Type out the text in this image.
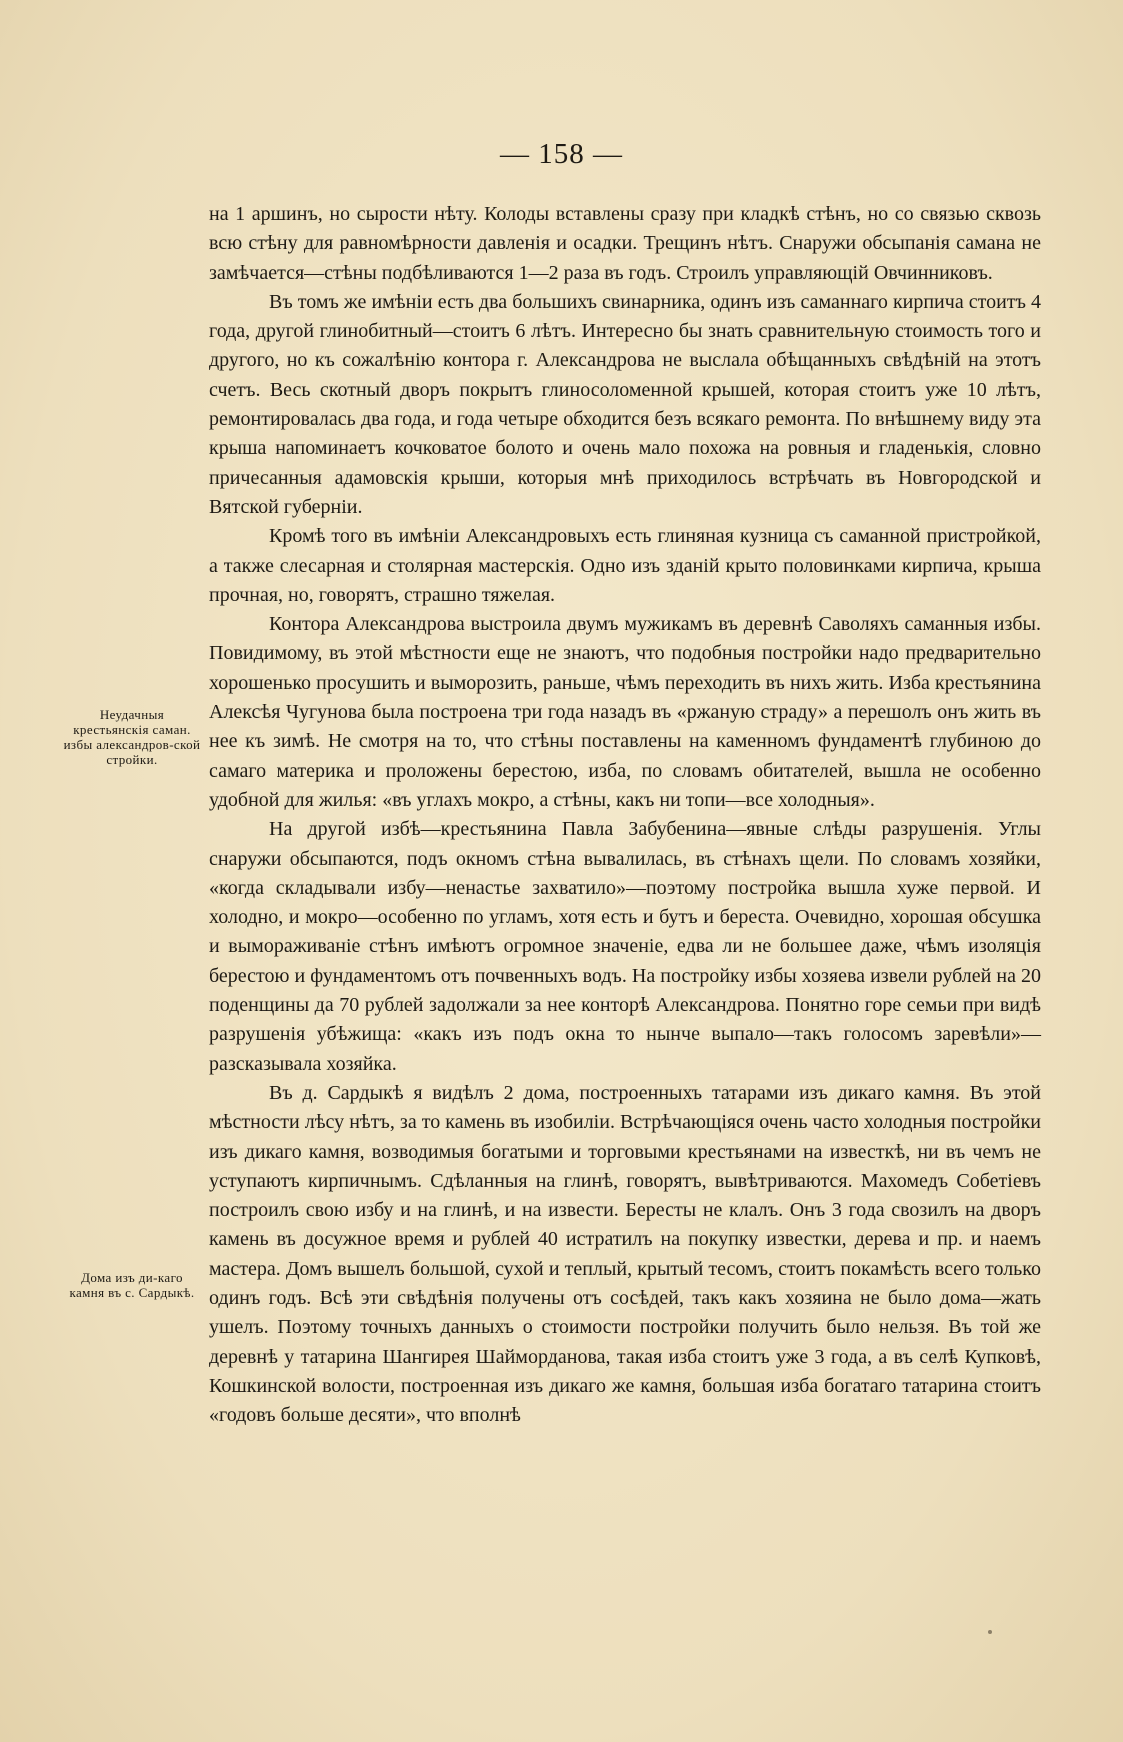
— 158 —
Неудачныя крестьянскія саман. избы александров-ской стройки.
Дома изъ ди-каго камня въ с. Сардыкѣ.

на 1 аршинъ, но сырости нѣту. Колоды вставлены сразу при кладкѣ стѣнъ, но со связью сквозь всю стѣну для равномѣрности давленія и осадки. Трещинъ нѣтъ. Снаружи обсыпанія самана не замѣчается—стѣны подбѣливаются 1—2 раза въ годъ. Строилъ управляющій Овчинниковъ.

Въ томъ же имѣніи есть два большихъ свинарника, одинъ изъ саманнаго кирпича стоитъ 4 года, другой глинобитный—стоитъ 6 лѣтъ. Интересно бы знать сравнительную стоимость того и другого, но къ сожалѣнію контора г. Александрова не выслала обѣщанныхъ свѣдѣній на этотъ счетъ. Весь скотный дворъ покрытъ глиносоломенной крышей, которая стоитъ уже 10 лѣтъ, ремонтировалась два года, и года четыре обходится безъ всякаго ремонта. По внѣшнему виду эта крыша напоминаетъ кочковатое болото и очень мало похожа на ровныя и гладенькія, словно причесанныя адамовскія крыши, которыя мнѣ приходилось встрѣчать въ Новгородской и Вятской губерніи.

Кромѣ того въ имѣніи Александровыхъ есть глиняная кузница съ саманной пристройкой, а также слесарная и столярная мастерскія. Одно изъ зданій крыто половинками кирпича, крыша прочная, но, говорятъ, страшно тяжелая.

Контора Александрова выстроила двумъ мужикамъ въ деревнѣ Саволяхъ саманныя избы. Повидимому, въ этой мѣстности еще не знаютъ, что подобныя постройки надо предварительно хорошенько просушить и выморозить, раньше, чѣмъ переходить въ нихъ жить. Изба крестьянина Алексѣя Чугунова была построена три года назадъ въ «ржаную страду» а перешолъ онъ жить въ нее къ зимѣ. Не смотря на то, что стѣны поставлены на каменномъ фундаментѣ глубиною до самаго материка и проложены берестою, изба, по словамъ обитателей, вышла не особенно удобной для жилья: «въ углахъ мокро, а стѣны, какъ ни топи—все холодныя».

На другой избѣ—крестьянина Павла Забубенина—явные слѣды разрушенія. Углы снаружи обсыпаются, подъ окномъ стѣна вывалилась, въ стѣнахъ щели. По словамъ хозяйки, «когда складывали избу—ненастье захватило»—поэтому постройка вышла хуже первой. И холодно, и мокро—особенно по угламъ, хотя есть и бутъ и береста. Очевидно, хорошая обсушка и вымораживаніе стѣнъ имѣютъ огромное значеніе, едва ли не большее даже, чѣмъ изоляція берестою и фундаментомъ отъ почвенныхъ водъ. На постройку избы хозяева извели рублей на 20 поденщины да 70 рублей задолжали за нее конторѣ Александрова. Понятно горе семьи при видѣ разрушенія убѣжища: «какъ изъ подъ окна то нынче выпало—такъ голосомъ заревѣли»—разсказывала хозяйка.

Въ д. Сардыкѣ я видѣлъ 2 дома, построенныхъ татарами изъ дикаго камня. Въ этой мѣстности лѣсу нѣтъ, за то камень въ изобиліи. Встрѣчающіяся очень часто холодныя постройки изъ дикаго камня, возводимыя богатыми и торговыми крестьянами на известкѣ, ни въ чемъ не уступаютъ кирпичнымъ. Сдѣланныя на глинѣ, говорятъ, вывѣтриваются. Махомедъ Собетіевъ построилъ свою избу и на глинѣ, и на извести. Бересты не клалъ. Онъ 3 года свозилъ на дворъ камень въ досужное время и рублей 40 истратилъ на покупку известки, дерева и пр. и наемъ мастера. Домъ вышелъ большой, сухой и теплый, крытый тесомъ, стоитъ покамѣсть всего только одинъ годъ. Всѣ эти свѣдѣнія получены отъ сосѣдей, такъ какъ хозяина не было дома—жать ушелъ. Поэтому точныхъ данныхъ о стоимости постройки получить было нельзя. Въ той же деревнѣ у татарина Шангирея Шайморданова, такая изба стоитъ уже 3 года, а въ селѣ Купковѣ, Кошкинской волости, построенная изъ дикаго же камня, большая изба богатаго татарина стоитъ «годовъ больше десяти», что вполнѣ
